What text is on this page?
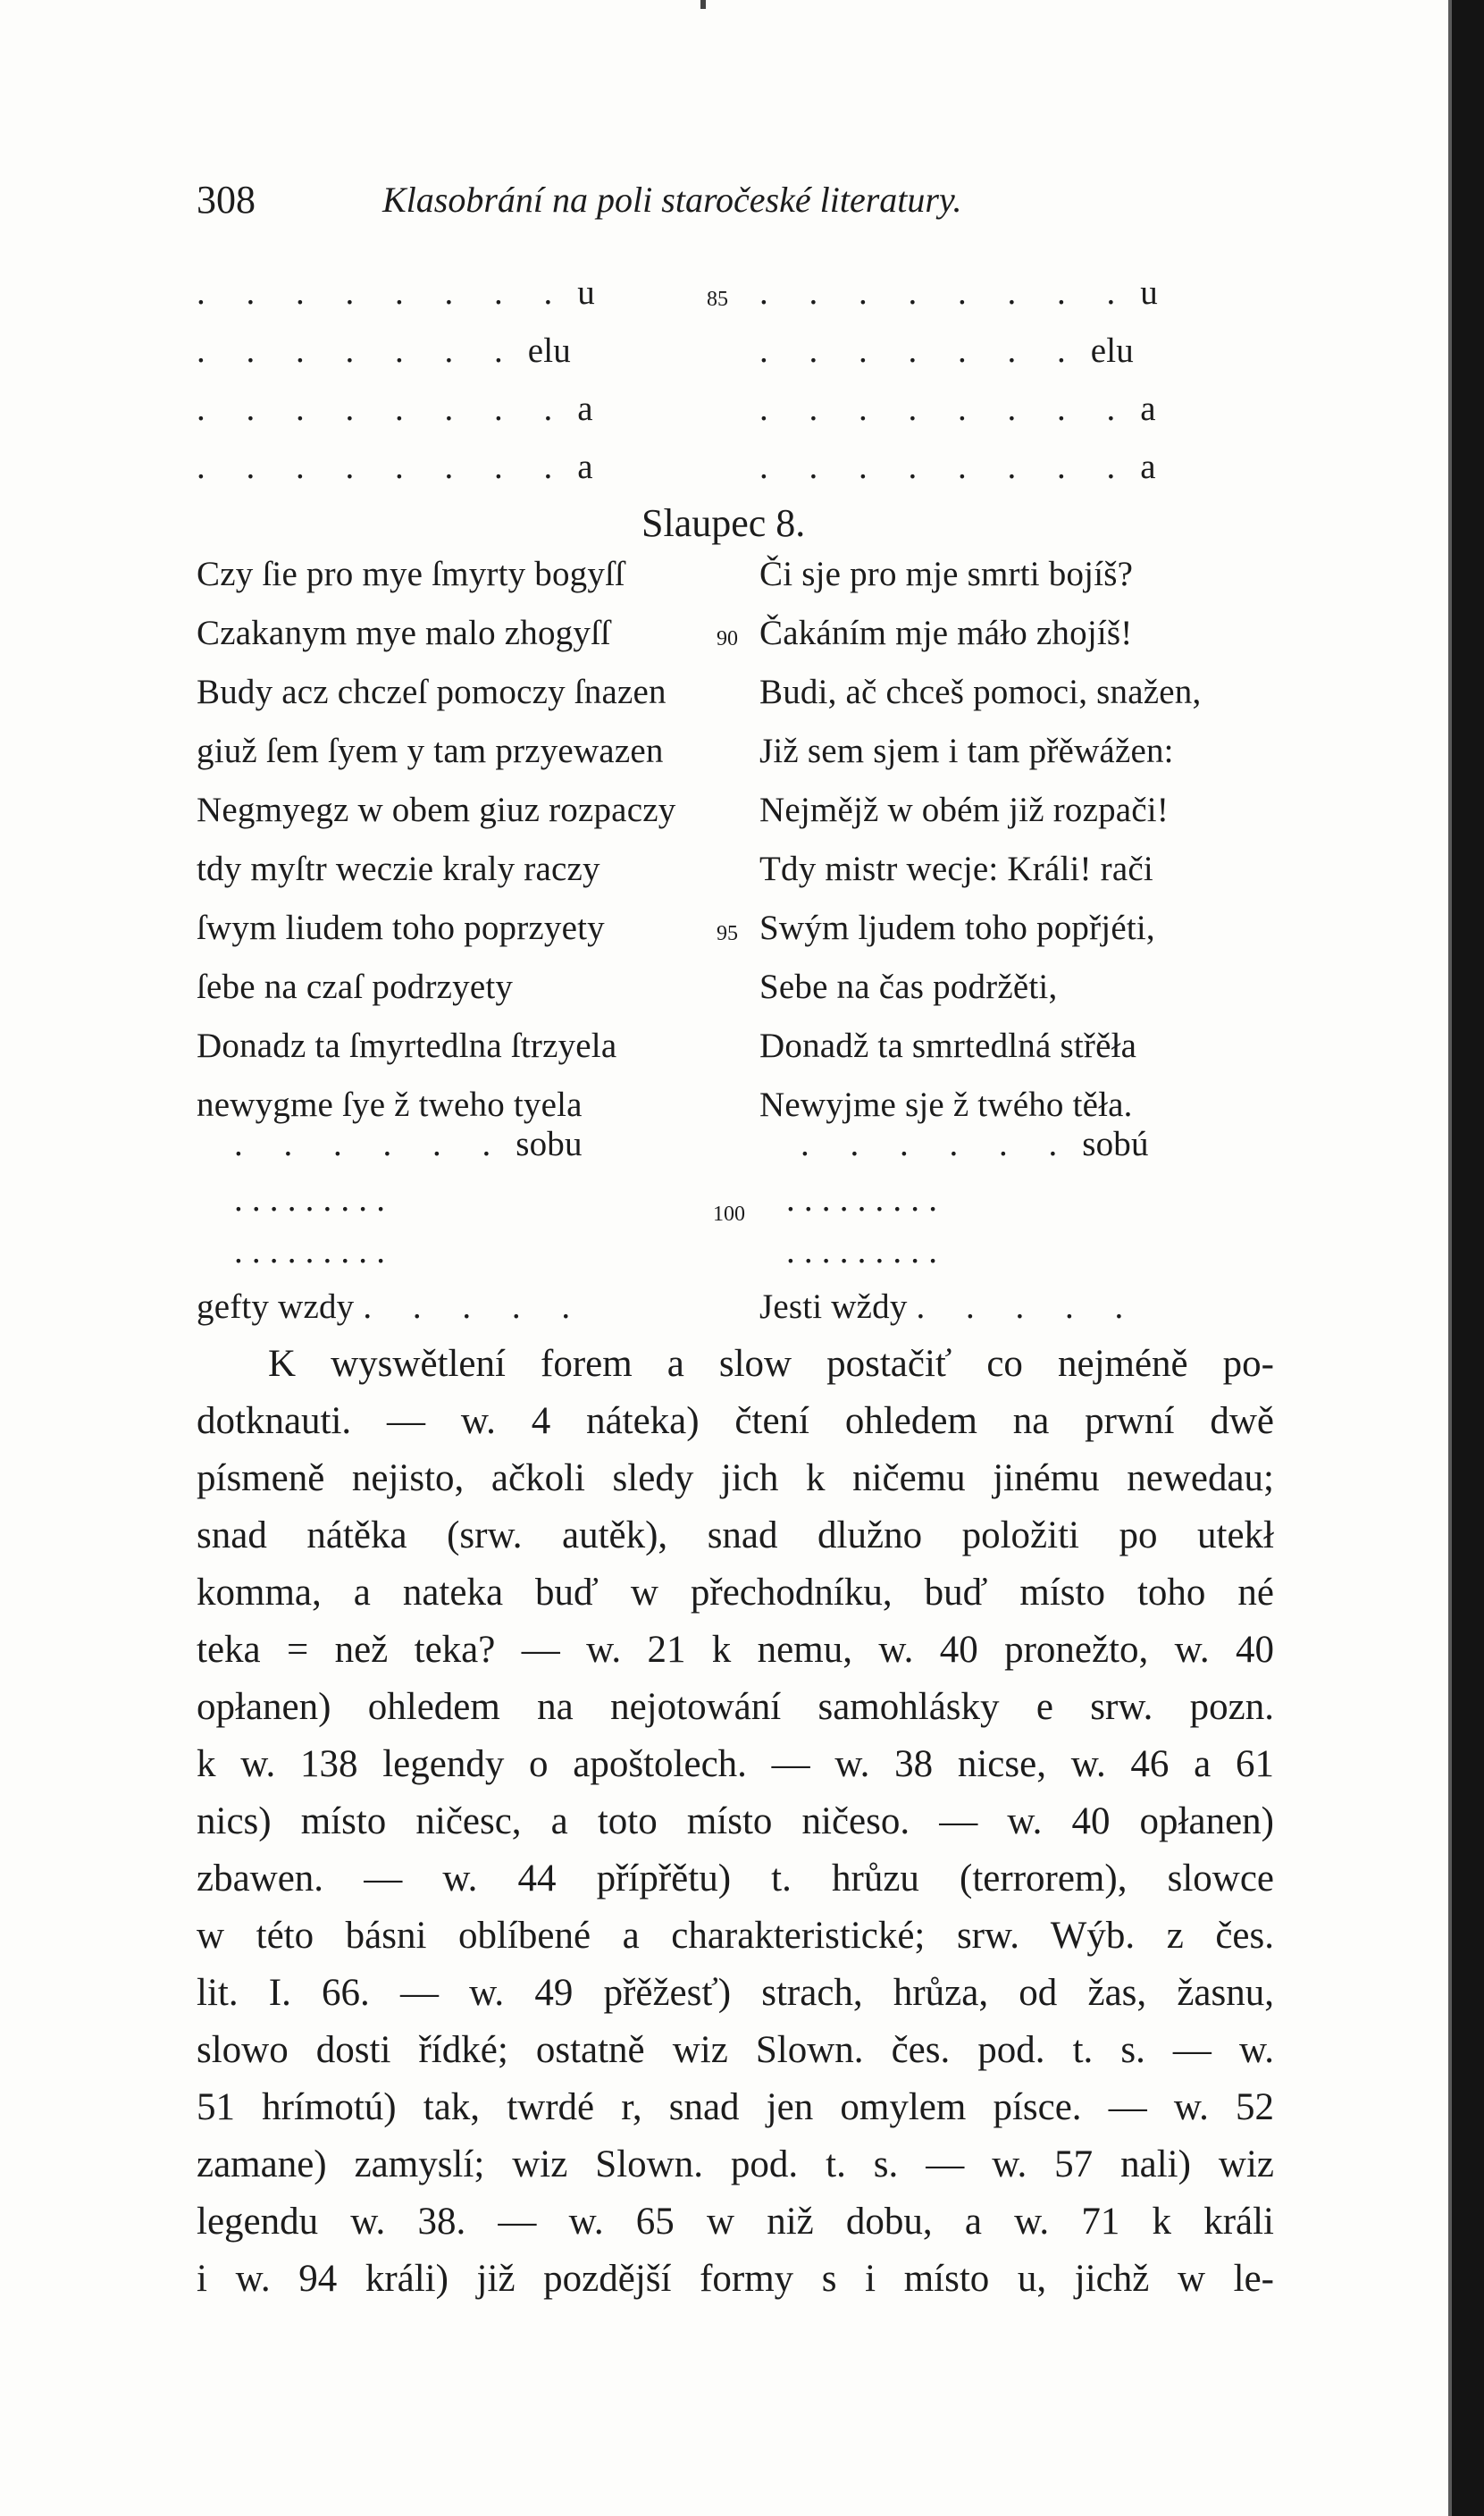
308	Klasobrání na poli staročeské literatury.
. . . . . . . . u	85 . . . . . . . . u
. . . . . . . elu	. . . . . . . elu
. . . . . . . . a	. . . . . . . . a
. . . . . . . . a	. . . . . . . . a
Slaupec 8.
Czy ſie pro mye ſmyrty bogyſſ	Či sje pro mje smrti bojíš?
Czakanym mye malo zhogyſſ	90 Čakáním mje máło zhojíš!
Budy acz chczeſ pomoczy ſnazen	Budi, ač chceš pomoci, snažen,
giuž ſem ſyem y tam przyewazen	Již sem sjem i tam přěwážen:
Negmyegz w obem giuz rozpaczy	Nejmějž w obém již rozpači!
tdy myſtr weczie kraly raczy	Tdy mistr wecje: Králi! rači
ſwym liudem toho poprzyety	95 Swým ljudem toho popřjéti,
ſebe na czaſ podrzyety	Sebe na čas podržěti,
Donadz ta ſmyrtedlna ſtrzyela	Donadž ta smrtedlná střěła
newygme ſye ž tweho tyela	Newyjme sje ž twého těła.
. . . . . . sobu	. . . . . . sobú
. . . . . . . . .	100 . . . . . . . . .
. . . . . . . . .	. . . . . . . . .
gefty wzdy . . . . .	Jesti wždy . . . . .
K wyswětlení forem a slow postačiť co nejméně po-
dotknauti. — w. 4 náteka) čtení ohledem na prwní dwě
písmeně nejisto, ačkoli sledy jich k ničemu jinému newedau;
snad nátěka (srw. autěk), snad dlužno položiti po utekł
komma, a nateka buď w přechodníku, buď místo toho né
teka = než teka? — w. 21 k nemu, w. 40 pronežto, w. 40
opłanen) ohledem na nejotowání samohlásky e srw. pozn.
k w. 138 legendy o apoštolech. — w. 38 nicse, w. 46 a 61
nics) místo ničesc, a toto místo ničeso. — w. 40 opłanen)
zbawen. — w. 44 přípřětu) t. hrůzu (terrorem), slowce
w této básni oblíbené a charakteristické; srw. Wýb. z čes.
lit. I. 66. — w. 49 přěžesť) strach, hrůza, od žas, žasnu,
slowo dosti řídké; ostatně wiz Slown. čes. pod. t. s. — w.
51 hrímotú) tak, twrdé r, snad jen omylem písce. — w. 52
zamane) zamyslí; wiz Slown. pod. t. s. — w. 57 nali) wiz
legendu w. 38. — w. 65 w niž dobu, a w. 71 k králi
i w. 94 králi) již pozdější formy s i místo u, jichž w le-
